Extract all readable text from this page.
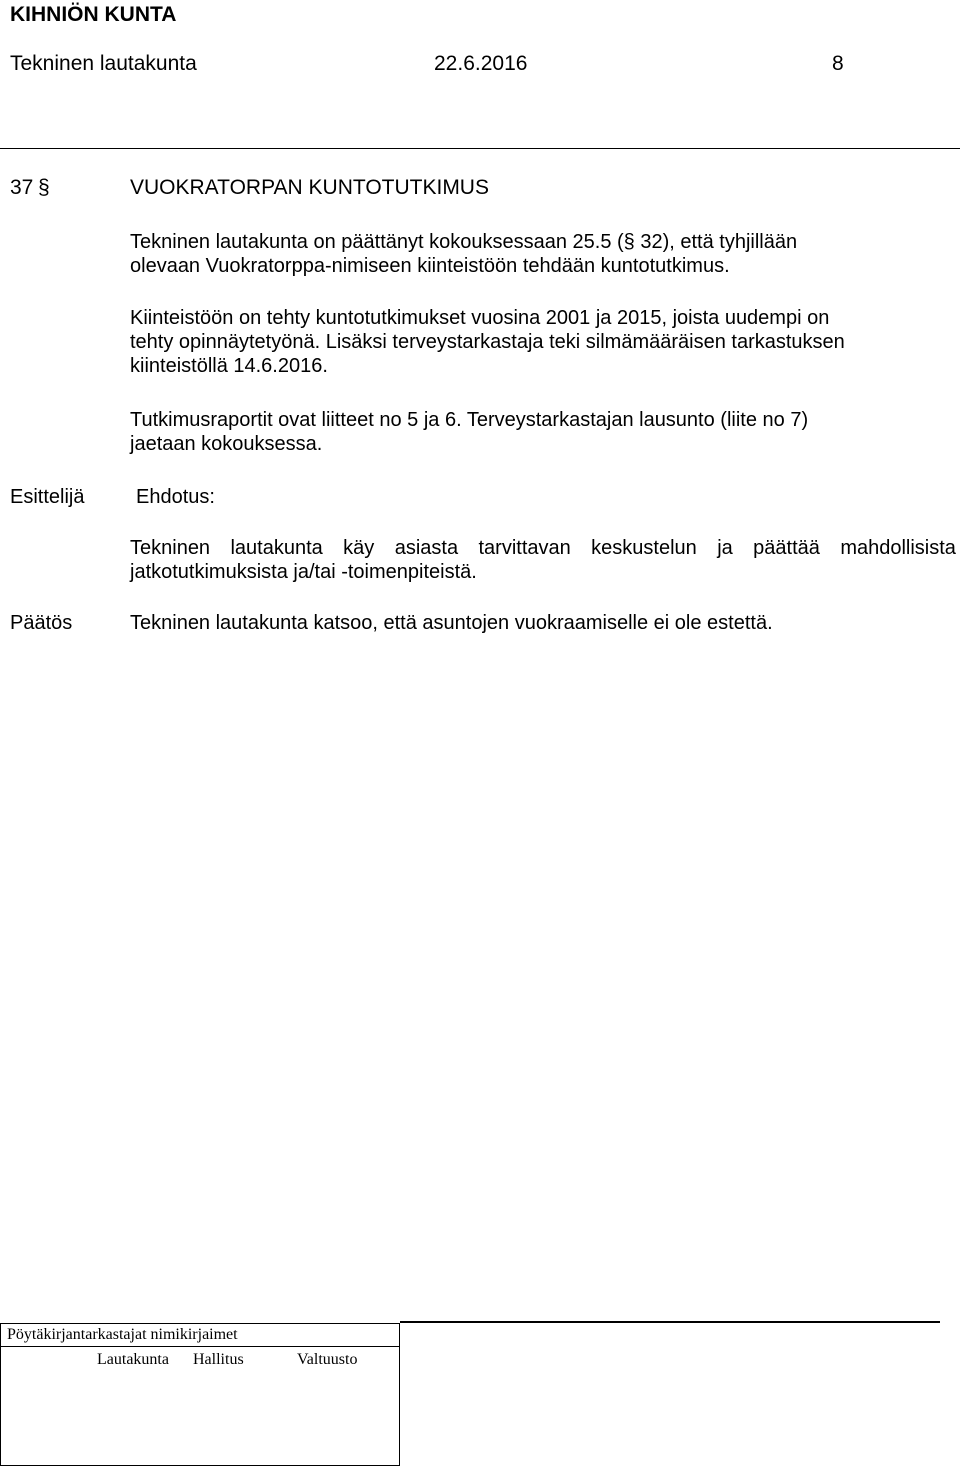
KIHNIÖN KUNTA
Tekninen lautakunta	22.6.2016	8
37 §	VUOKRATORPAN KUNTOTUTKIMUS
Tekninen lautakunta on päättänyt kokouksessaan 25.5 (§ 32), että tyhjillään
olevaan Vuokratorppa-nimiseen kiinteistöön tehdään kuntotutkimus.
Kiinteistöön on tehty kuntotutkimukset vuosina 2001 ja 2015, joista uudempi on
tehty opinnäytetyönä. Lisäksi terveystarkastaja teki silmämääräisen tarkastuksen
kiinteistöllä 14.6.2016.
Tutkimusraportit ovat liitteet no 5 ja 6. Terveystarkastajan lausunto (liite no 7)
jaetaan kokouksessa.
Esittelijä	Ehdotus:
Tekninen lautakunta käy asiasta tarvittavan keskustelun ja päättää mahdollisista
jatkotutkimuksista ja/tai -toimenpiteistä.
Päätös	Tekninen lautakunta katsoo, että asuntojen vuokraamiselle ei ole estettä.
Pöytäkirjantarkastajat nimikirjaimet

Lautakunta	Hallitus	Valtuusto
